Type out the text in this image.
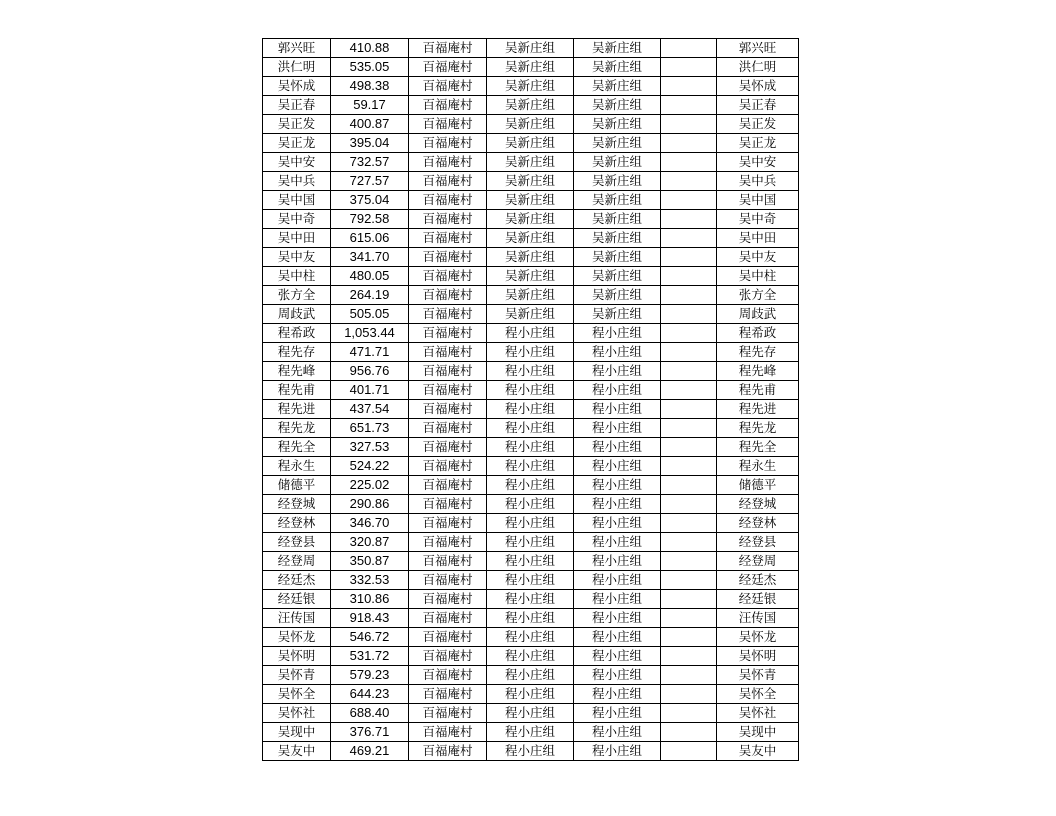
郭兴旺	410.88	百福庵村	吴新庄组	吴新庄组		郭兴旺
洪仁明	535.05	百福庵村	吴新庄组	吴新庄组		洪仁明
吴怀成	498.38	百福庵村	吴新庄组	吴新庄组		吴怀成
吴正春	59.17	百福庵村	吴新庄组	吴新庄组		吴正春
吴正发	400.87	百福庵村	吴新庄组	吴新庄组		吴正发
吴正龙	395.04	百福庵村	吴新庄组	吴新庄组		吴正龙
吴中安	732.57	百福庵村	吴新庄组	吴新庄组		吴中安
吴中兵	727.57	百福庵村	吴新庄组	吴新庄组		吴中兵
吴中国	375.04	百福庵村	吴新庄组	吴新庄组		吴中国
吴中奇	792.58	百福庵村	吴新庄组	吴新庄组		吴中奇
吴中田	615.06	百福庵村	吴新庄组	吴新庄组		吴中田
吴中友	341.70	百福庵村	吴新庄组	吴新庄组		吴中友
吴中柱	480.05	百福庵村	吴新庄组	吴新庄组		吴中柱
张方全	264.19	百福庵村	吴新庄组	吴新庄组		张方全
周歧武	505.05	百福庵村	吴新庄组	吴新庄组		周歧武
程希政	1,053.44	百福庵村	程小庄组	程小庄组		程希政
程先存	471.71	百福庵村	程小庄组	程小庄组		程先存
程先峰	956.76	百福庵村	程小庄组	程小庄组		程先峰
程先甫	401.71	百福庵村	程小庄组	程小庄组		程先甫
程先进	437.54	百福庵村	程小庄组	程小庄组		程先进
程先龙	651.73	百福庵村	程小庄组	程小庄组		程先龙
程先全	327.53	百福庵村	程小庄组	程小庄组		程先全
程永生	524.22	百福庵村	程小庄组	程小庄组		程永生
储德平	225.02	百福庵村	程小庄组	程小庄组		储德平
经登城	290.86	百福庵村	程小庄组	程小庄组		经登城
经登林	346.70	百福庵村	程小庄组	程小庄组		经登林
经登县	320.87	百福庵村	程小庄组	程小庄组		经登县
经登周	350.87	百福庵村	程小庄组	程小庄组		经登周
经廷杰	332.53	百福庵村	程小庄组	程小庄组		经廷杰
经廷银	310.86	百福庵村	程小庄组	程小庄组		经廷银
汪传国	918.43	百福庵村	程小庄组	程小庄组		汪传国
吴怀龙	546.72	百福庵村	程小庄组	程小庄组		吴怀龙
吴怀明	531.72	百福庵村	程小庄组	程小庄组		吴怀明
吴怀青	579.23	百福庵村	程小庄组	程小庄组		吴怀青
吴怀全	644.23	百福庵村	程小庄组	程小庄组		吴怀全
吴怀社	688.40	百福庵村	程小庄组	程小庄组		吴怀社
吴现中	376.71	百福庵村	程小庄组	程小庄组		吴现中
吴友中	469.21	百福庵村	程小庄组	程小庄组		吴友中
